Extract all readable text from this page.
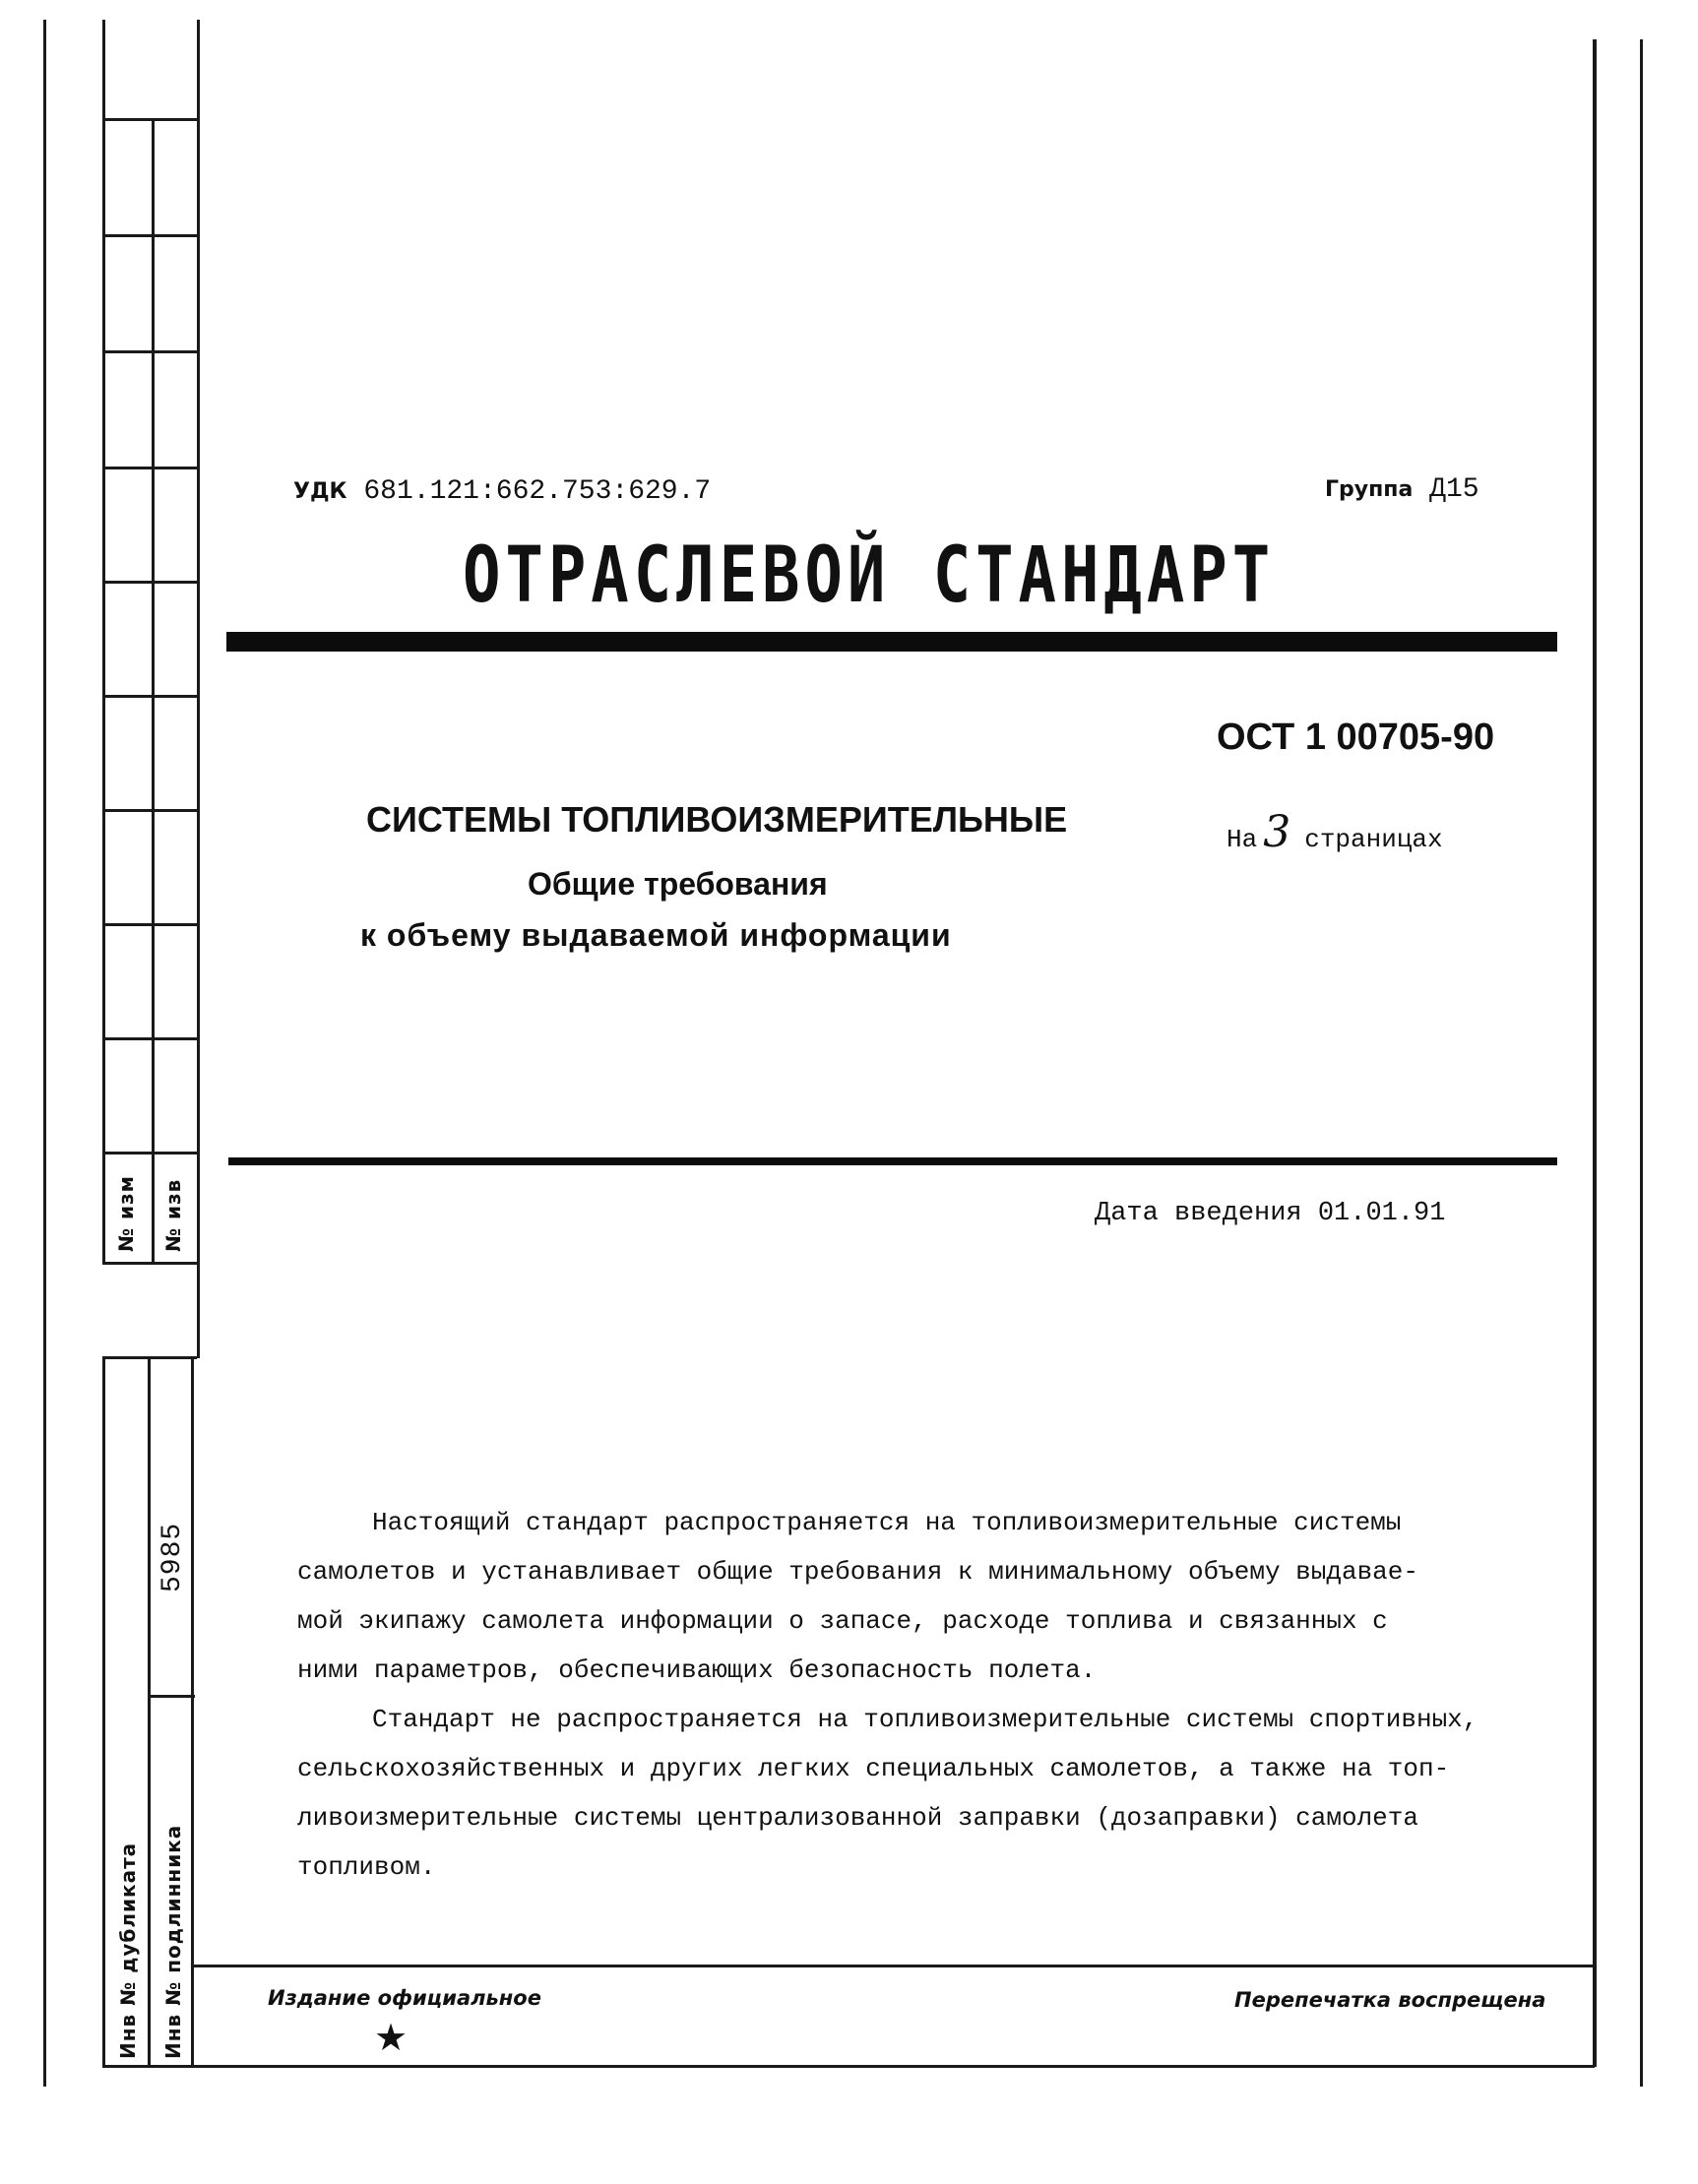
№ изм № изв
Инв № дубликата Инв № подлинника
5985
УДК 681.121:662.753:629.7	Группа Д15
ОТРАСЛЕВОЙ СТАНДАРТ
ОСТ 1 00705-90
СИСТЕМЫ ТОПЛИВОИЗМЕРИТЕЛЬНЫЕ
Общие требования
к объему выдаваемой информации
На 3 страницах
Дата введения 01.01.91
Настоящий стандарт распространяется на топливоизмерительные системы
самолетов и устанавливает общие требования к минимальному объему выдавае-
мой экипажу самолета информации о запасе, расходе топлива и связанных с
ними параметров, обеспечивающих безопасность полета.
Стандарт не распространяется на топливоизмерительные системы спортивных,
сельскохозяйственных и других легких специальных самолетов, а также на топ-
ливоизмерительные системы централизованной заправки (дозаправки) самолета
топливом.
Издание официальное
★
Перепечатка воспрещена
